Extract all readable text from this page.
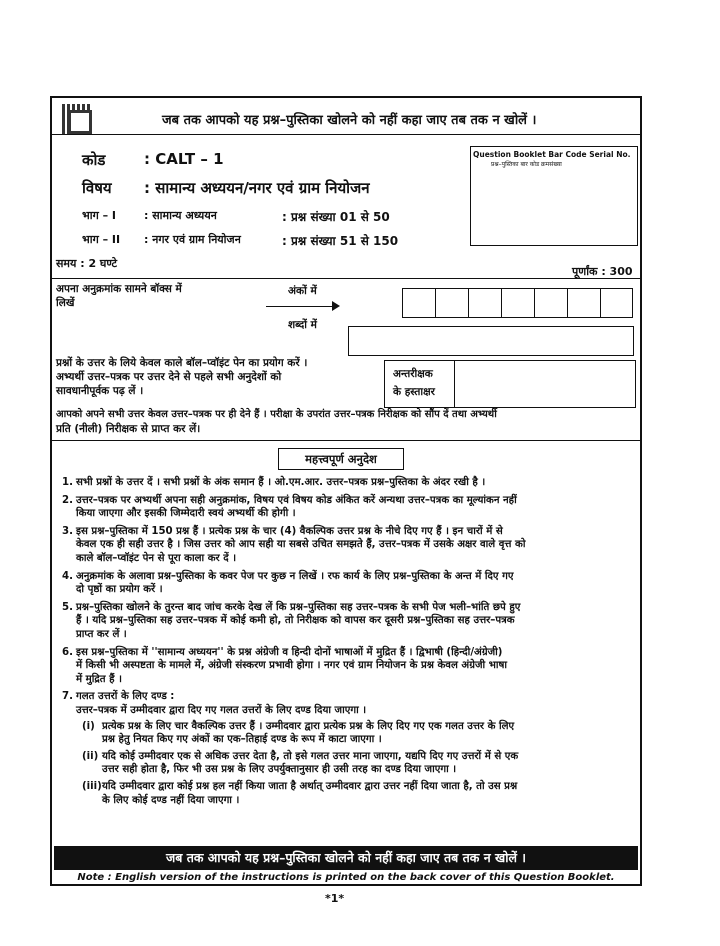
जब तक आपको यह प्रश्न–पुस्तिका खोलने को नहीं कहा जाए तब तक न खोलें ।
कोड	: CALT – 1
विषय : सामान्य अध्ययन/नगर एवं ग्राम नियोजन
भाग – I	: सामान्य अध्ययन	: प्रश्न संख्या 01 से 50
भाग – II : नगर एवं ग्राम नियोजन	: प्रश्न संख्या 51 से 150
Question Booklet Bar Code Serial No.
प्रश्न–पुस्तिका बार कोड क्रमसंख्या
समय : 2 घण्टे
पूर्णांक : 300
अपना अनुक्रमांक सामने बॉक्स में
लिखें
अंकों में
शब्दों में
प्रश्नों के उत्तर के लिये केवल काले बॉल–प्वॉइंट पेन का प्रयोग करें ।
अभ्यर्थी उत्तर–पत्रक पर उत्तर देने से पहले सभी अनुदेशों को
सावधानीपूर्वक पढ़ लें ।
अन्तरीक्षक
के हस्ताक्षर
आपको अपने सभी उत्तर केवल उत्तर–पत्रक पर ही देने हैं । परीक्षा के उपरांत उत्तर–पत्रक निरीक्षक को सौंप दें तथा अभ्यर्थी
प्रति (नीली) निरीक्षक से प्राप्त कर लें।
महत्त्वपूर्ण अनुदेश
1. सभी प्रश्नों के उत्तर दें । सभी प्रश्नों के अंक समान हैं । ओ.एम.आर. उत्तर–पत्रक प्रश्न–पुस्तिका के अंदर रखी है ।
2. उत्तर–पत्रक पर अभ्यर्थी अपना सही अनुक्रमांक, विषय एवं विषय कोड अंकित करें अन्यथा उत्तर–पत्रक का मूल्यांकन नहीं
किया जाएगा और इसकी जिम्मेदारी स्वयं अभ्यर्थी की होगी ।
3. इस प्रश्न–पुस्तिका में 150 प्रश्न हैं । प्रत्येक प्रश्न के चार (4) वैकल्पिक उत्तर प्रश्न के नीचे दिए गए हैं । इन चारों में से
केवल एक ही सही उत्तर है । जिस उत्तर को आप सही या सबसे उचित समझते हैं, उत्तर–पत्रक में उसके अक्षर वाले वृत्त को
काले बॉल–प्वॉइंट पेन से पूरा काला कर दें ।
4. अनुक्रमांक के अलावा प्रश्न–पुस्तिका के कवर पेज पर कुछ न लिखें । रफ कार्य के लिए प्रश्न–पुस्तिका के अन्त में दिए गए
दो पृष्ठों का प्रयोग करें ।
5. प्रश्न–पुस्तिका खोलने के तुरन्त बाद जांच करके देख लें कि प्रश्न–पुस्तिका सह उत्तर–पत्रक के सभी पेज भली–भांति छपे हुए
हैं । यदि प्रश्न–पुस्तिका सह उत्तर–पत्रक में कोई कमी हो, तो निरीक्षक को वापस कर दूसरी प्रश्न–पुस्तिका सह उत्तर–पत्रक
प्राप्त कर लें ।
6. इस प्रश्न–पुस्तिका में ''सामान्य अध्ययन'' के प्रश्न अंग्रेजी व हिन्दी दोनों भाषाओं में मुद्रित हैं । द्विभाषी (हिन्दी/अंग्रेजी)
में किसी भी अस्पष्टता के मामले में, अंग्रेजी संस्करण प्रभावी होगा । नगर एवं ग्राम नियोजन के प्रश्न केवल अंग्रेजी भाषा
में मुद्रित हैं ।
7. गलत उत्तरों के लिए दण्ड :
उत्तर–पत्रक में उम्मीदवार द्वारा दिए गए गलत उत्तरों के लिए दण्ड दिया जाएगा ।
(i) प्रत्येक प्रश्न के लिए चार वैकल्पिक उत्तर हैं । उम्मीदवार द्वारा प्रत्येक प्रश्न के लिए दिए गए एक गलत उत्तर के लिए
प्रश्न हेतु नियत किए गए अंकों का एक–तिहाई दण्ड के रूप में काटा जाएगा ।
(ii) यदि कोई उम्मीदवार एक से अधिक उत्तर देता है, तो इसे गलत उत्तर माना जाएगा, यद्यपि दिए गए उत्तरों में से एक
उत्तर सही होता है, फिर भी उस प्रश्न के लिए उपर्युक्तानुसार ही उसी तरह का दण्ड दिया जाएगा ।
(iii)यदि उम्मीदवार द्वारा कोई प्रश्न हल नहीं किया जाता है अर्थात् उम्मीदवार द्वारा उत्तर नहीं दिया जाता है, तो उस प्रश्न
के लिए कोई दण्ड नहीं दिया जाएगा ।
जब तक आपको यह प्रश्न–पुस्तिका खोलने को नहीं कहा जाए तब तक न खोलें ।
Note : English version of the instructions is printed on the back cover of this Question Booklet.
*1*
